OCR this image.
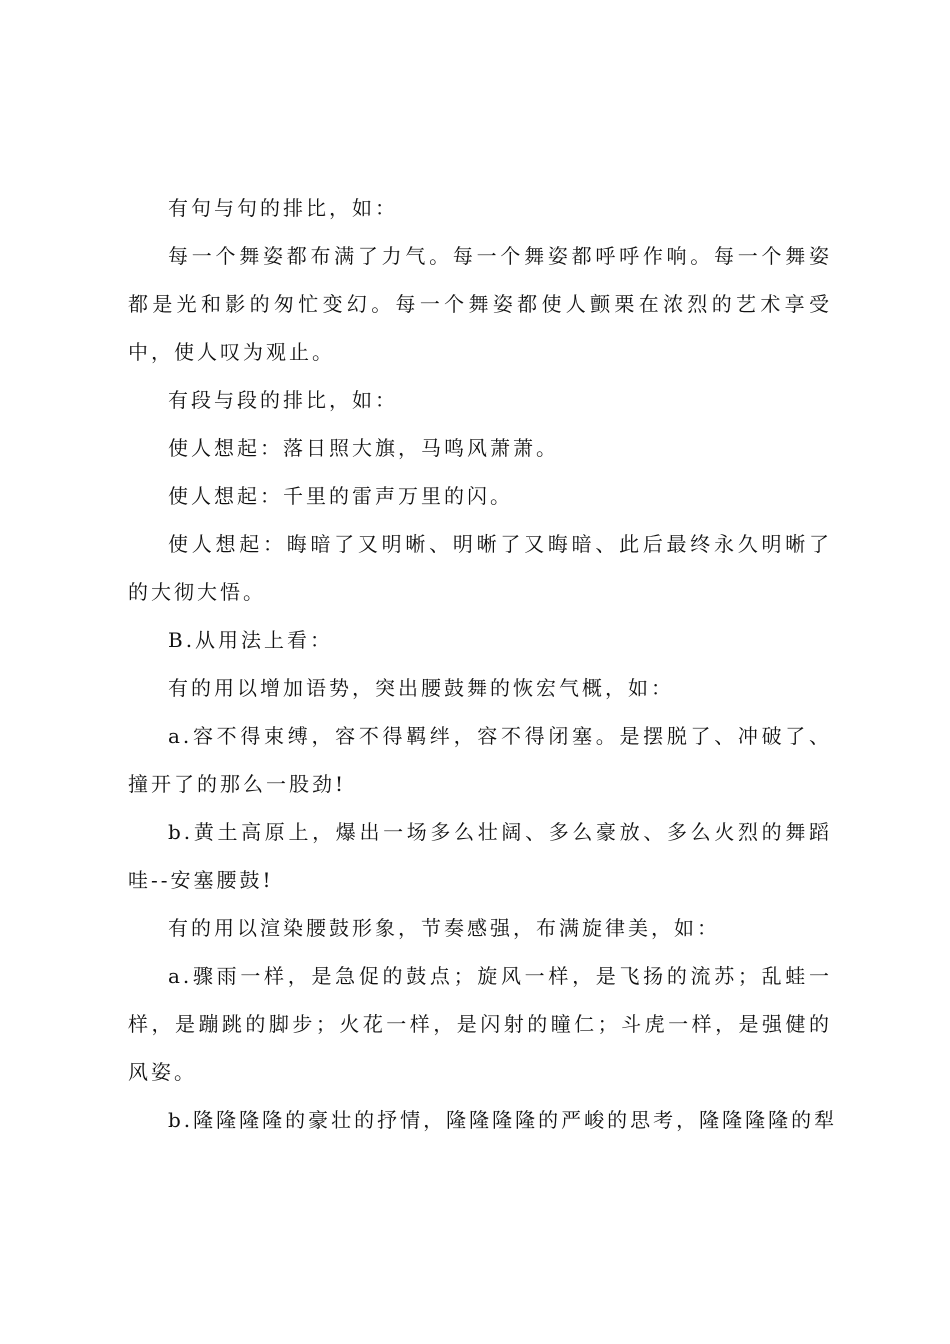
有句与句的排比，如：

每一个舞姿都布满了力气。每一个舞姿都呼呼作响。每一个舞姿都是光和影的匆忙变幻。每一个舞姿都使人颤栗在浓烈的艺术享受中，使人叹为观止。

有段与段的排比，如：

使人想起：落日照大旗，马鸣风萧萧。

使人想起：千里的雷声万里的闪。

使人想起：晦暗了又明晰、明晰了又晦暗、此后最终永久明晰了的大彻大悟。

B.从用法上看：

有的用以增加语势，突出腰鼓舞的恢宏气概，如：

a.容不得束缚，容不得羁绊，容不得闭塞。是摆脱了、冲破了、撞开了的那么一股劲!

b.黄土高原上，爆出一场多么壮阔、多么豪放、多么火烈的舞蹈哇--安塞腰鼓!

有的用以渲染腰鼓形象，节奏感强，布满旋律美，如：

a.骤雨一样，是急促的鼓点；旋风一样，是飞扬的流苏；乱蛙一样，是蹦跳的脚步；火花一样，是闪射的瞳仁；斗虎一样，是强健的风姿。

b.隆隆隆隆的豪壮的抒情，隆隆隆隆的严峻的思考，隆隆隆隆的犁
